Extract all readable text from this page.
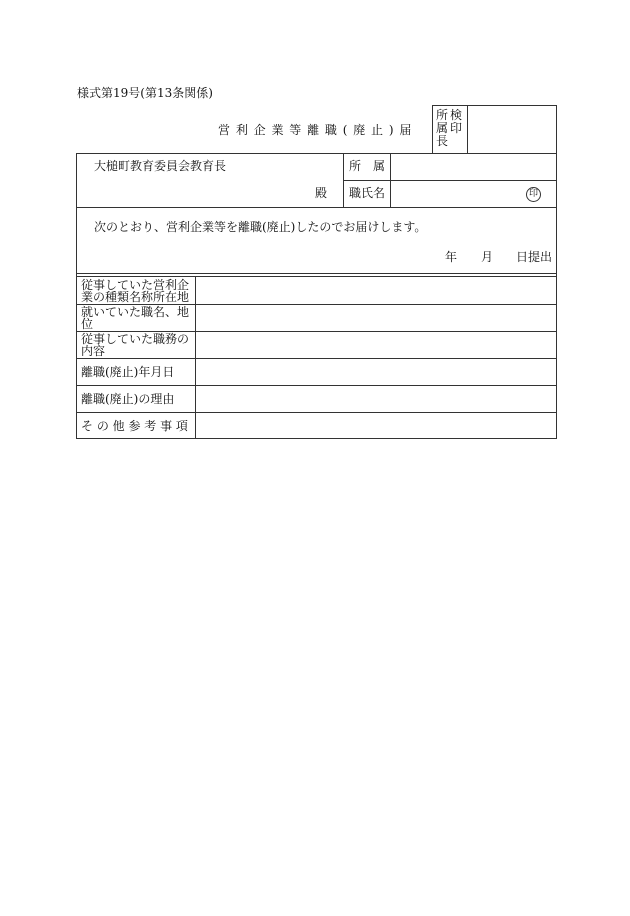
様式第19号(第13条関係)
営 利 企 業 等 離 職 ( 廃 止 ) 届
所属長
検印
大槌町教育委員会教育長
殿
所　属
職氏名	印
次のとおり、営利企業等を離職(廃止)したのでお届けします。
年 月 日提出
従事していた営利企
業の種類名称所在地
就いていた職名、地
位
従事していた職務の
内容
離職(廃止)年月日
離職(廃止)の理由
そ の 他 参 考 事 項
